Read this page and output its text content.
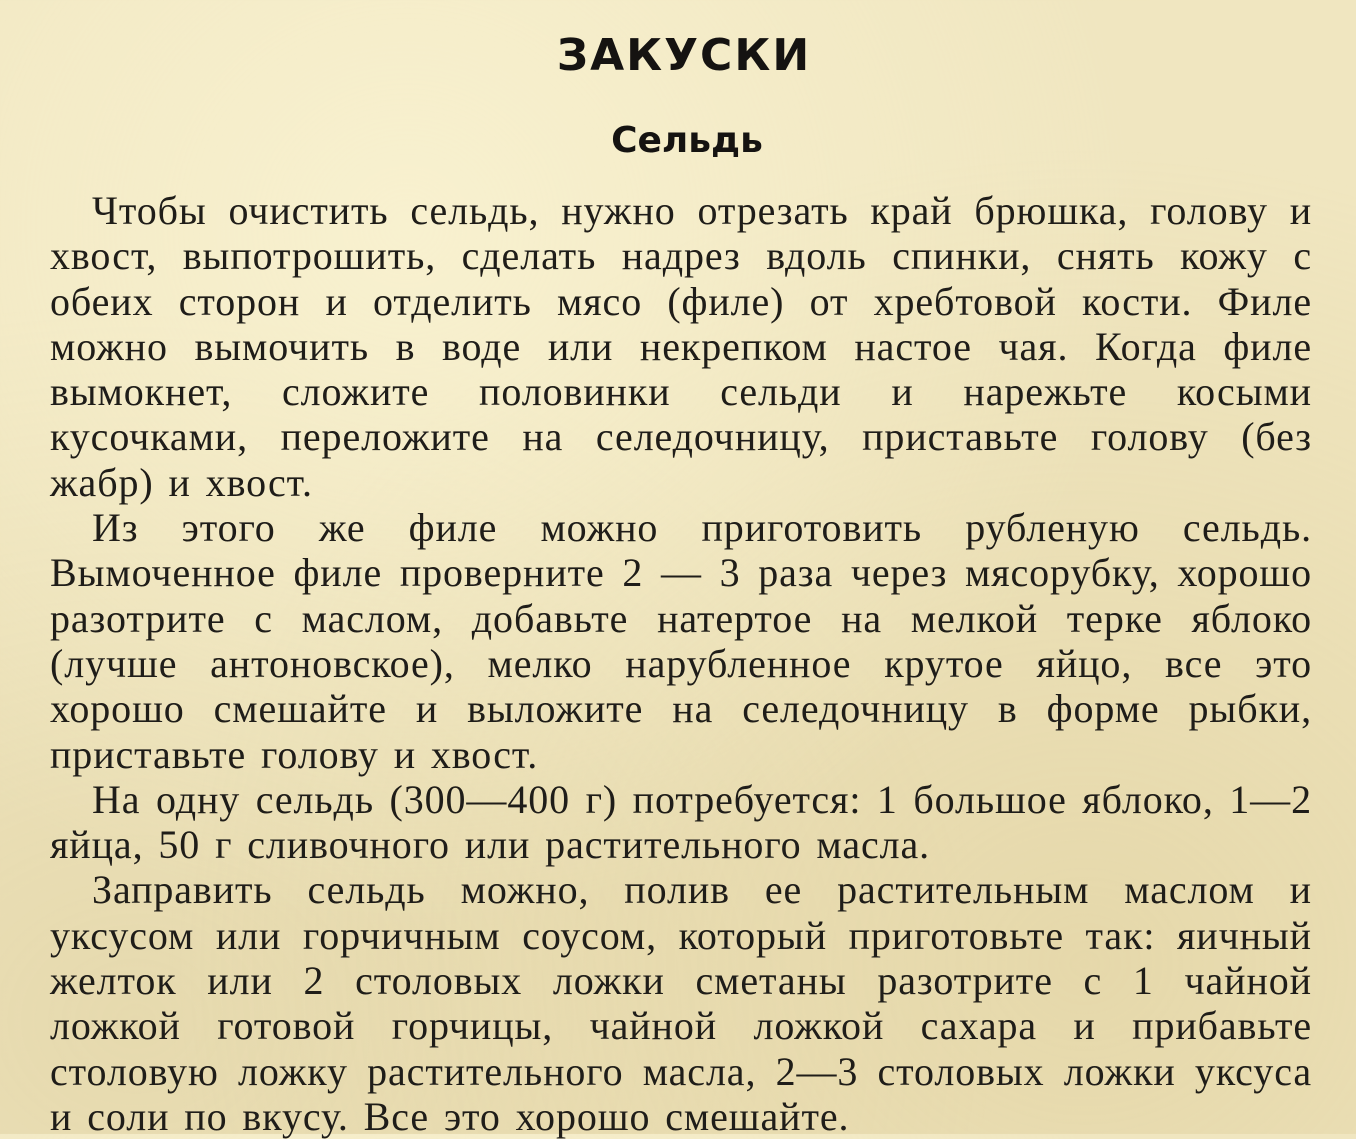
ЗАКУСКИ
Сельдь

Чтобы очистить сельдь, нужно отрезать край брюшка, голову и хвост, выпотрошить, сделать надрез вдоль спинки, снять кожу с обеих сторон и отделить мясо (филе) от хребтовой кости. Филе можно вымочить в воде или некрепком настое чая. Когда филе вымокнет, сложите половинки сельди и нарежьте косыми кусочками, переложите на селедочницу, приставьте голову (без жабр) и хвост.

Из этого же филе можно приготовить рубленую сельдь. Вымоченное филе проверните 2 — 3 раза через мясорубку, хорошо разотрите с маслом, добавьте натертое на мелкой терке яблоко (лучше антоновское), мелко нарубленное крутое яйцо, все это хорошо смешайте и выложите на селедочницу в форме рыбки, приставьте голову и хвост.

На одну сельдь (300—400 г) потребуется: 1 большое яблоко, 1—2 яйца, 50 г сливочного или растительного масла.

Заправить сельдь можно, полив ее растительным маслом и уксусом или горчичным соусом, который приготовьте так: яичный желток или 2 столовых ложки сметаны разотрите с 1 чайной ложкой готовой горчицы, чайной ложкой сахара и прибавьте столовую ложку растительного масла, 2—3 столовых ложки уксуса и соли по вкусу. Все это хорошо смешайте.
